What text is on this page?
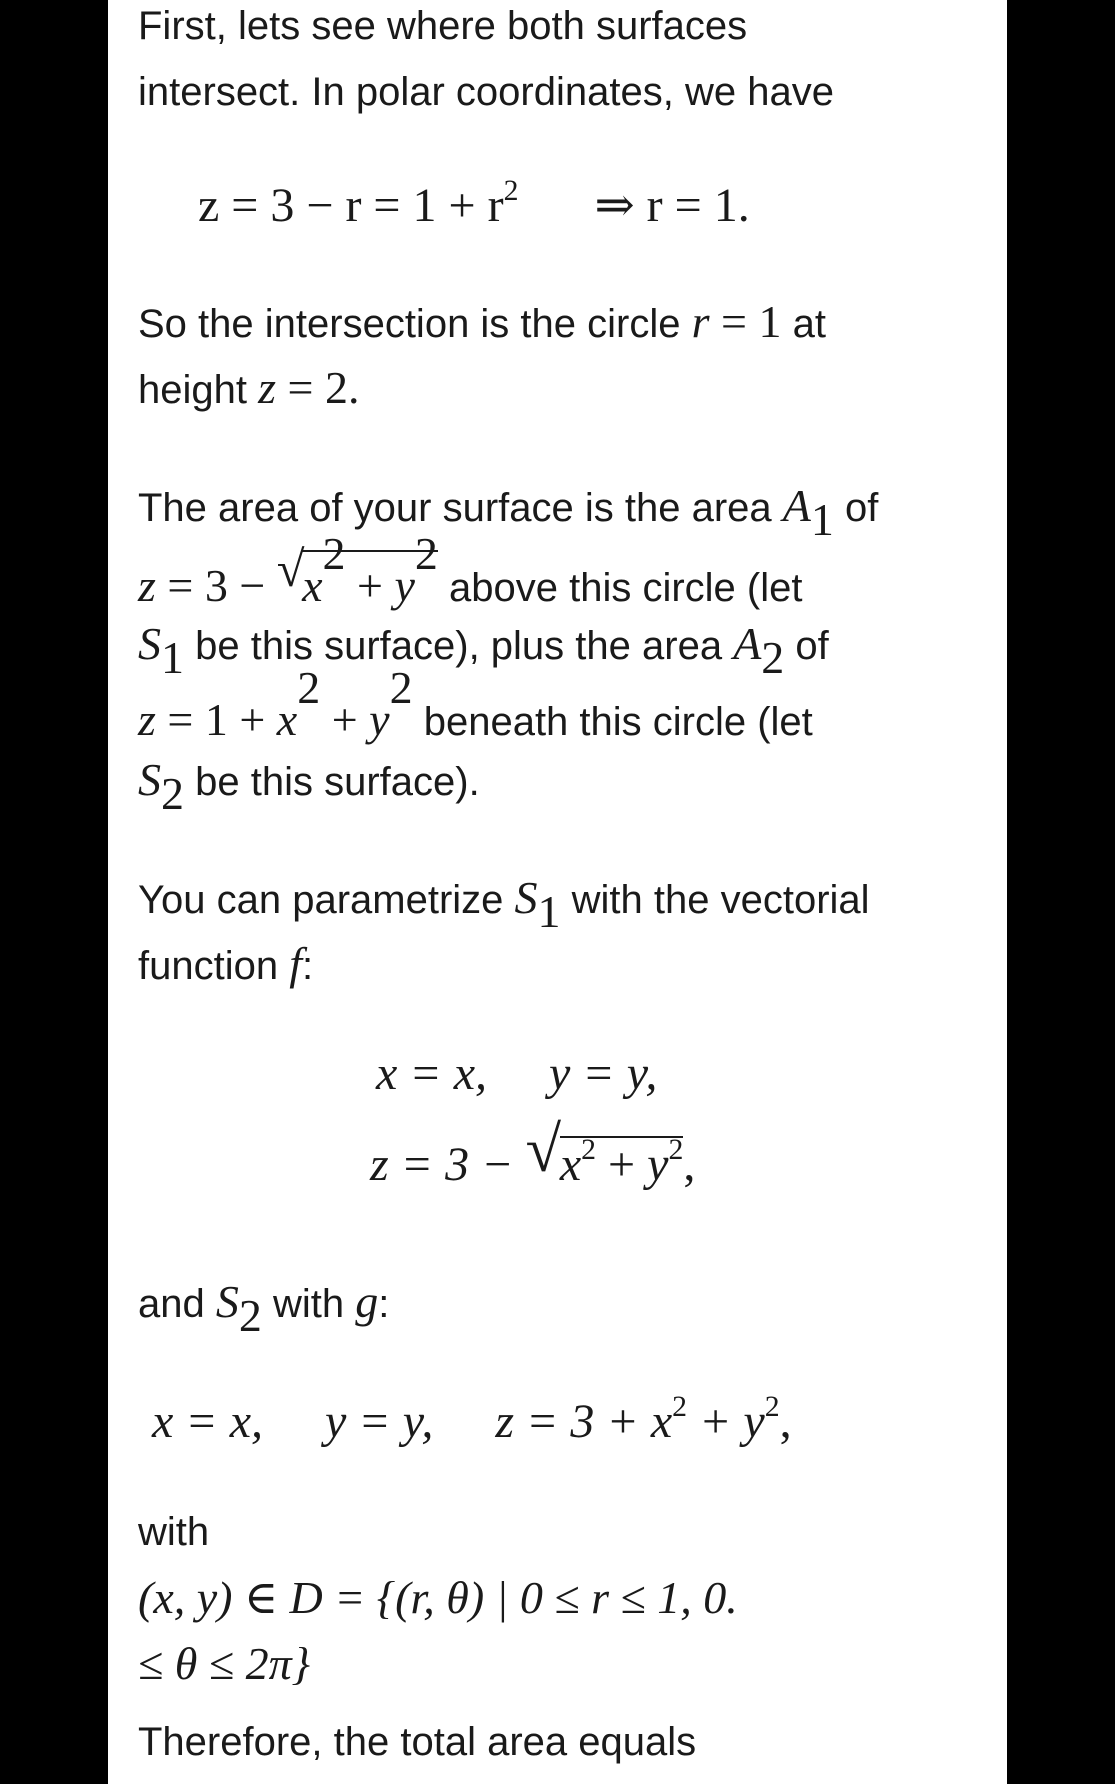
First, lets see where both surfaces
intersect. In polar coordinates, we have
$z = 3 - r = 1 + r^2$ ⇒ r = 1.
So the intersection is the circle r = 1 at
height z = 2.
The area of your surface is the area $A_1$ of
z = 3 − √
$x^2 + y^2$ above this circle (let
$S_1$ be this surface), plus the area $A_2$ of
$z = 1 + x^2 + y^2$ beneath this circle (let
$S_2$ be this surface).
You can parametrize $S_1$ with the vectorial
function f:
x = x, y = y,
z = 3 − √
$x^2 + y^2$,
and $S_2$ with g:
x = x, y = y, $z = 3 + x^2 + y^2$,
with
(x, y) ∈ D = {(r, θ) | 0 ≤ r ≤ 1, 0.
≤ θ ≤ 2π}
Therefore, the total area equals
